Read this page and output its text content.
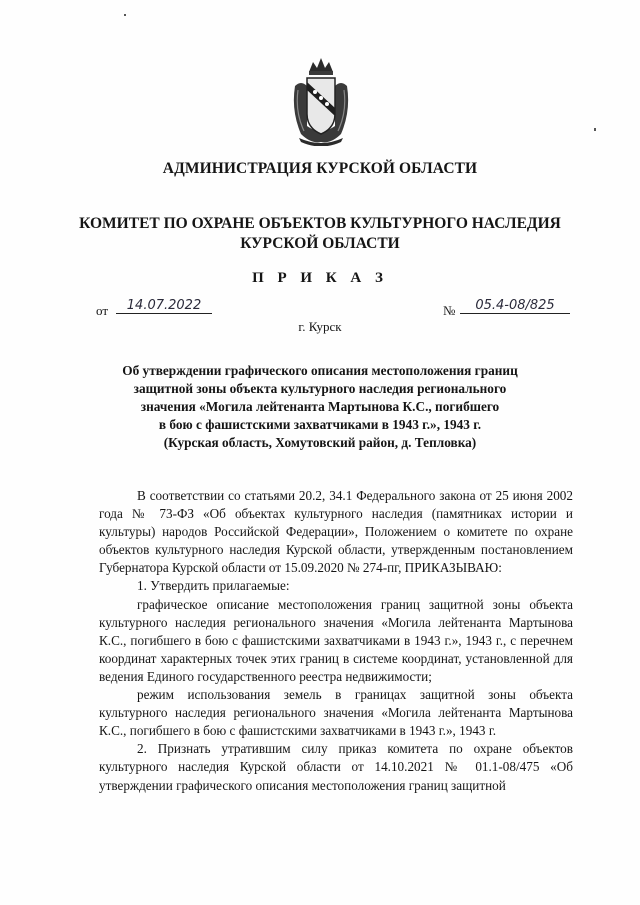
АДМИНИСТРАЦИЯ КУРСКОЙ ОБЛАСТИ
КОМИТЕТ ПО ОХРАНЕ ОБЪЕКТОВ КУЛЬТУРНОГО НАСЛЕДИЯ
КУРСКОЙ ОБЛАСТИ
П Р И К А З
от	14.07.2022	№	05.4-08/825
г. Курск
Об утверждении графического описания местоположения границ
защитной зоны объекта культурного наследия регионального
значения «Могила лейтенанта Мартынова К.С., погибшего
в бою с фашистскими захватчиками в 1943 г.», 1943 г.
(Курская область, Хомутовский район, д. Тепловка)

В соответствии со статьями 20.2, 34.1 Федерального закона от 25 июня 2002 года № 73-ФЗ «Об объектах культурного наследия (памятниках истории и культуры) народов Российской Федерации», Положением о комитете по охране объектов культурного наследия Курской области, утвержденным постановлением Губернатора Курской области от 15.09.2020 № 274-пг, ПРИКАЗЫВАЮ:

1. Утвердить прилагаемые:

графическое описание местоположения границ защитной зоны объекта культурного наследия регионального значения «Могила лейтенанта Мартынова К.С., погибшего в бою с фашистскими захватчиками в 1943 г.», 1943 г., с перечнем координат характерных точек этих границ в системе координат, установленной для ведения Единого государственного реестра недвижимости;

режим использования земель в границах защитной зоны объекта культурного наследия регионального значения «Могила лейтенанта Мартынова К.С., погибшего в бою с фашистскими захватчиками в 1943 г.», 1943 г.

2. Признать утратившим силу приказ комитета по охране объектов культурного наследия Курской области от 14.10.2021 № 01.1-08/475 «Об утверждении графического описания местоположения границ защитной
